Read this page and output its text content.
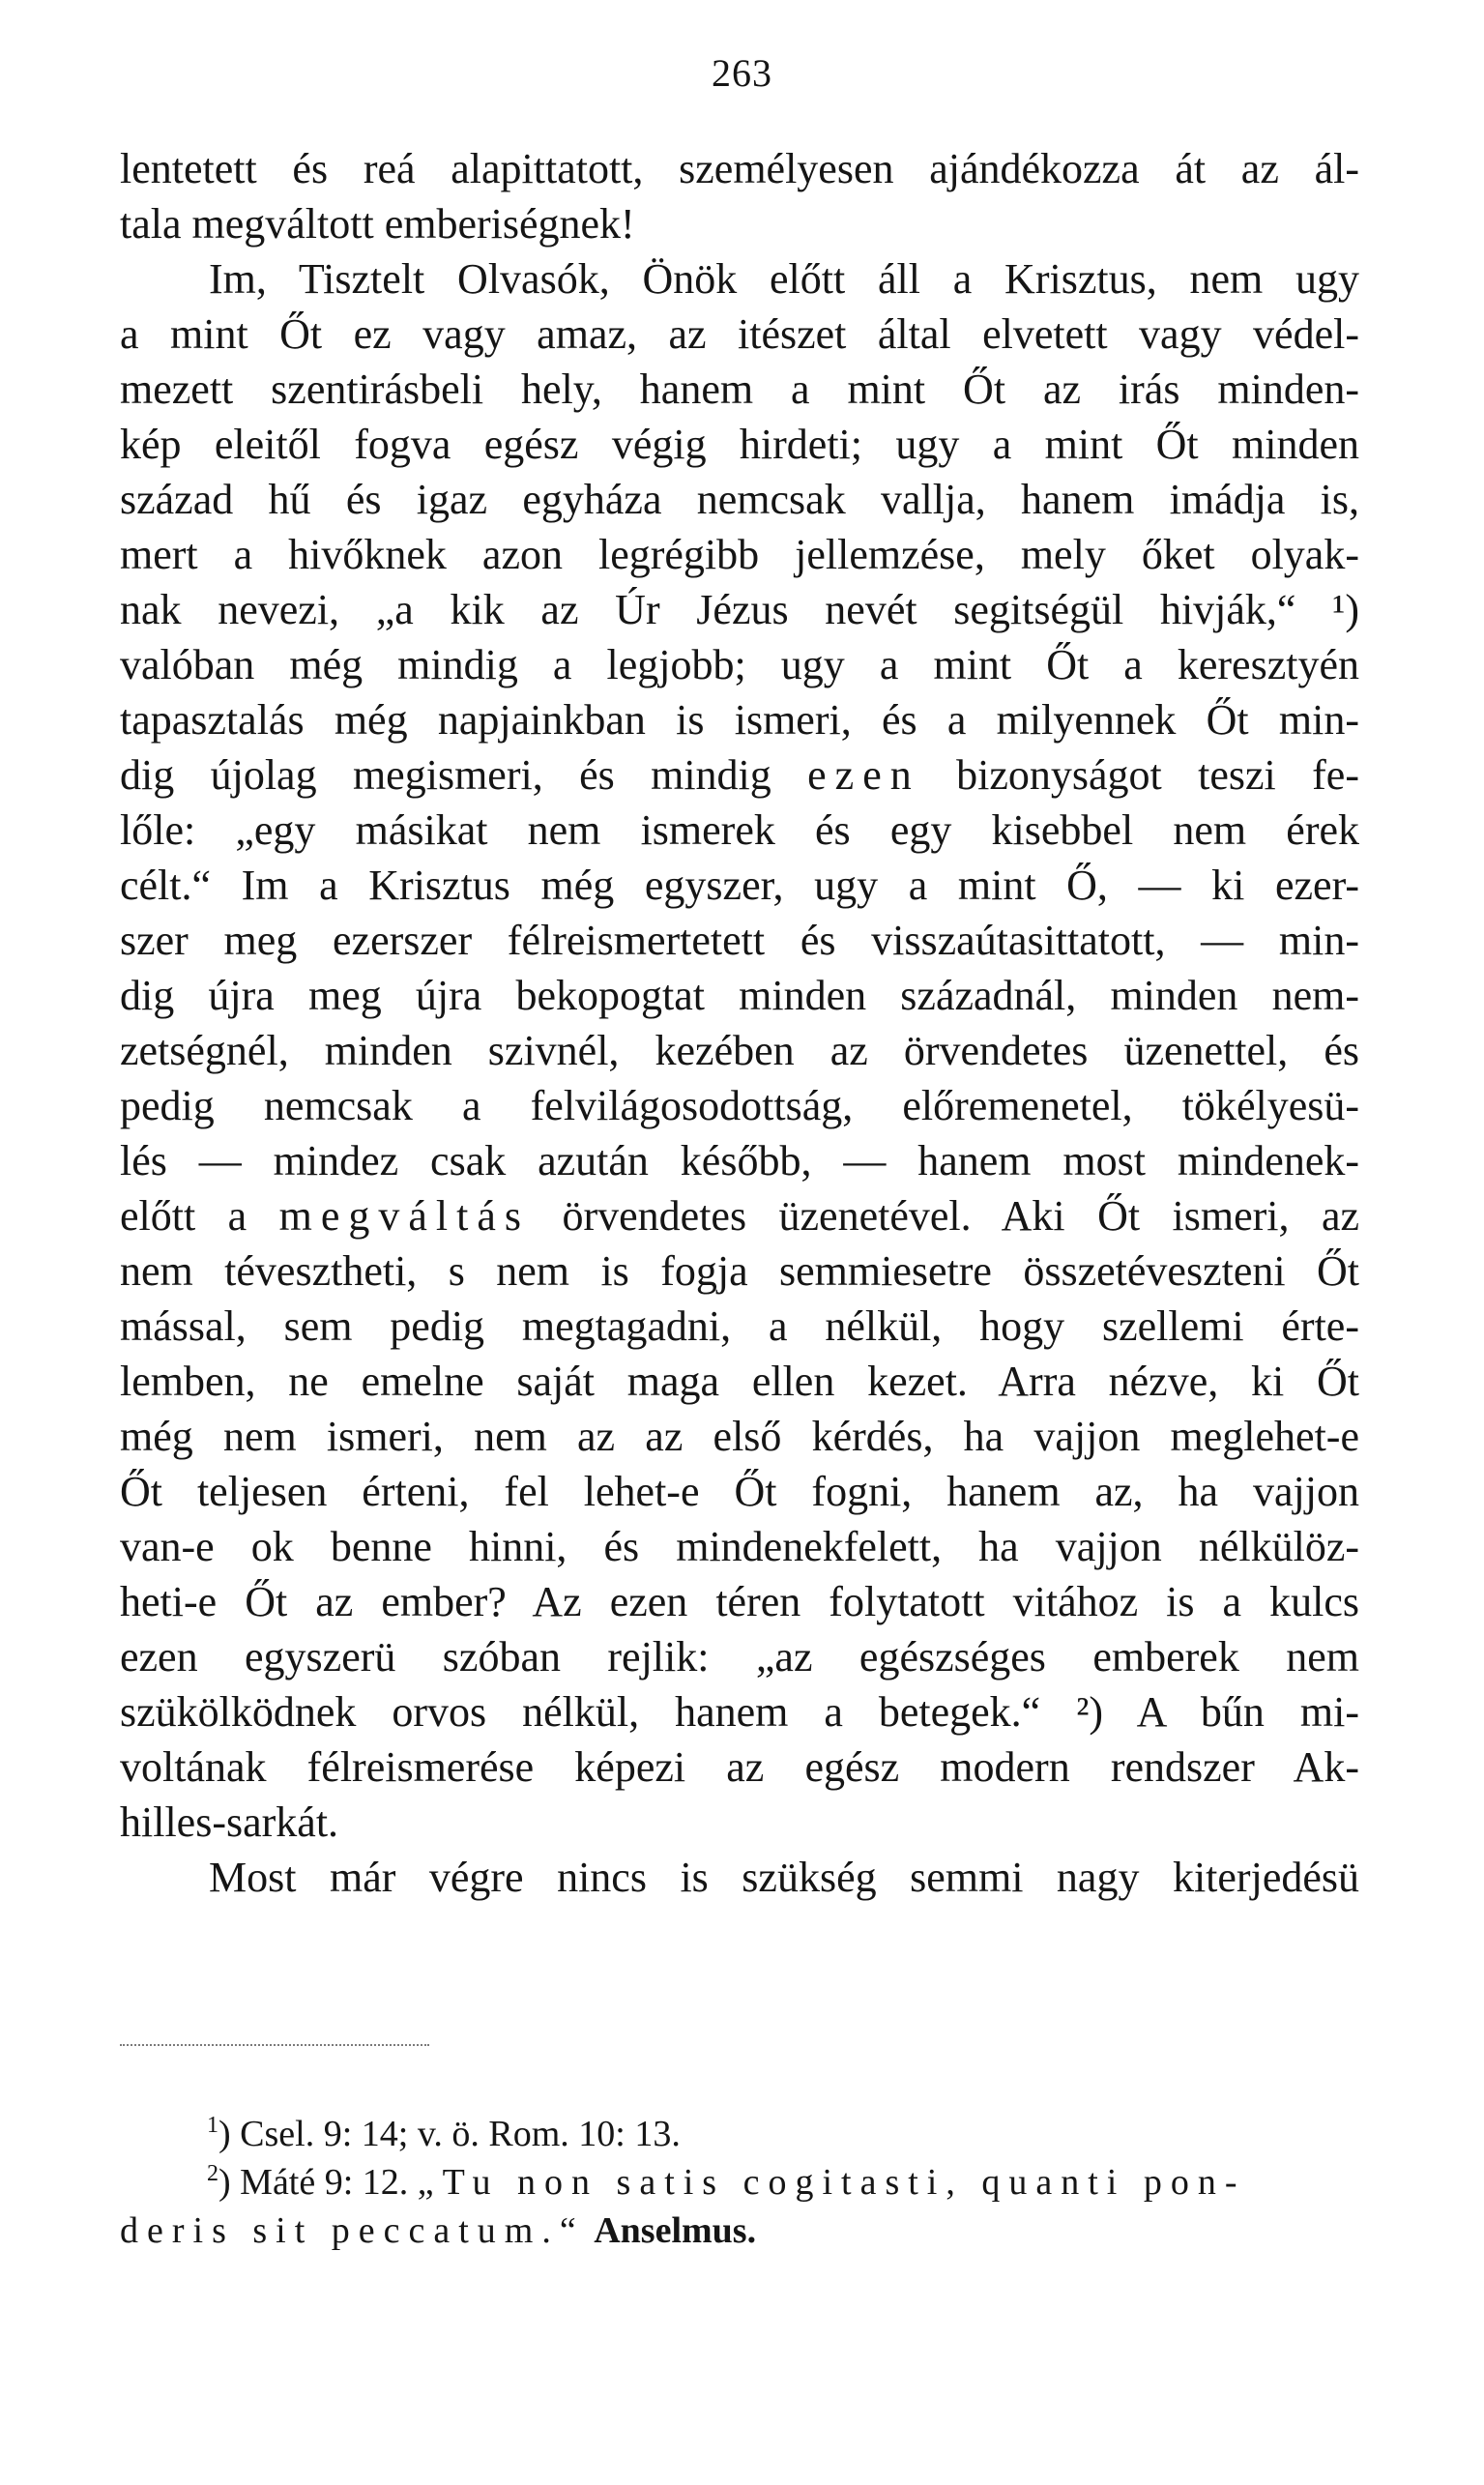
263
lentetett és reá alapittatott, személyesen ajándékozza át az ál-
tala megváltott emberiségnek!
Im, Tisztelt Olvasók, Önök előtt áll a Krisztus, nem ugy
a mint Őt ez vagy amaz, az itészet által elvetett vagy védel-
mezett szentirásbeli hely, hanem a mint Őt az irás minden-
kép eleitől fogva egész végig hirdeti; ugy a mint Őt minden
század hű és igaz egyháza nemcsak vallja, hanem imádja is,
mert a hivőknek azon legrégibb jellemzése, mely őket olyak-
nak nevezi, „a kik az Úr Jézus nevét segitségül hivják,“ ¹)
valóban még mindig a legjobb; ugy a mint Őt a keresztyén
tapasztalás még napjainkban is ismeri, és a milyennek Őt min-
dig újolag megismeri, és mindig ezen bizonyságot teszi fe-
lőle: „egy másikat nem ismerek és egy kisebbel nem érek
célt.“ Im a Krisztus még egyszer, ugy a mint Ő, — ki ezer-
szer meg ezerszer félreismertetett és visszaútasittatott, — min-
dig újra meg újra bekopogtat minden századnál, minden nem-
zetségnél, minden szivnél, kezében az örvendetes üzenettel, és
pedig nemcsak a felvilágosodottság, előremenetel, tökélyesü-
lés — mindez csak azután később, — hanem most mindenek-
előtt a megváltás örvendetes üzenetével. Aki Őt ismeri, az
nem tévesztheti, s nem is fogja semmiesetre összetéveszteni Őt
mással, sem pedig megtagadni, a nélkül, hogy szellemi érte-
lemben, ne emelne saját maga ellen kezet. Arra nézve, ki Őt
még nem ismeri, nem az az első kérdés, ha vajjon meglehet-e
Őt teljesen érteni, fel lehet-e Őt fogni, hanem az, ha vajjon
van-e ok benne hinni, és mindenekfelett, ha vajjon nélkülöz-
heti-e Őt az ember? Az ezen téren folytatott vitához is a kulcs
ezen egyszerü szóban rejlik: „az egészséges emberek nem
szükölködnek orvos nélkül, hanem a betegek.“ ²) A bűn mi-
voltának félreismerése képezi az egész modern rendszer Ak-
hilles-sarkát.
Most már végre nincs is szükség semmi nagy kiterjedésü
$^1$) Csel. 9: 14; v. ö. Rom. 10: 13.
$^2$) Máté 9: 12. „Tu non satis cogitasti, quanti pon-
deris sit peccatum.“ Anselmus.
